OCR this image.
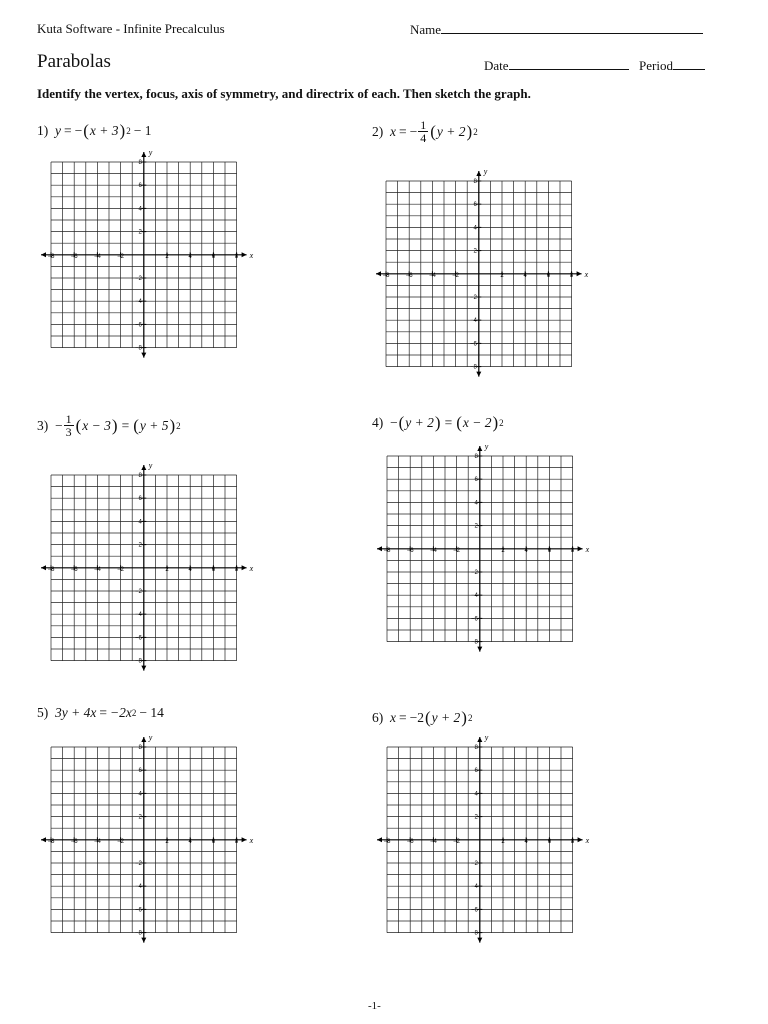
Kuta Software - Infinite Precalculus	Name
Parabolas	Date	Period
Identify the vertex, focus, axis of symmetry, and directrix of each. Then sketch the graph.
1)
y = − ( x + 3 ) 2 − 1	2)
x = − $\frac{1}{4}$ ( y + 2 ) 2
3)
− $\frac{1}{3}$ ( x − 3 ) = ( y + 5 ) 2	4)
− ( y + 2 ) = ( x − 2 ) 2
5)
3y + 4x = −2x 2 − 14	6)
x = −2 ( y + 2 ) 2
−8	−6	−4	−2	2	4	6	8
8
6
4
2
−2
−4
−6
−8
x
y
−8	−6	−4	−2	2	4	6	8
8
6
4
2
−2
−4
−6
−8
x
y
−8	−6	−4	−2	2	4	6	8
8
6
4
2
−2
−4
−6
−8
x
y
−8	−6	−4	−2	2	4	6	8
8
6
4
2
−2
−4
−6
−8
x
y
−8	−6	−4	−2	2	4	6	8
8
6
4
2
−2
−4
−6
−8
x
y
−8	−6	−4	−2	2	4	6	8
8
6
4
2
−2
−4
−6
−8
x
y
-1-
